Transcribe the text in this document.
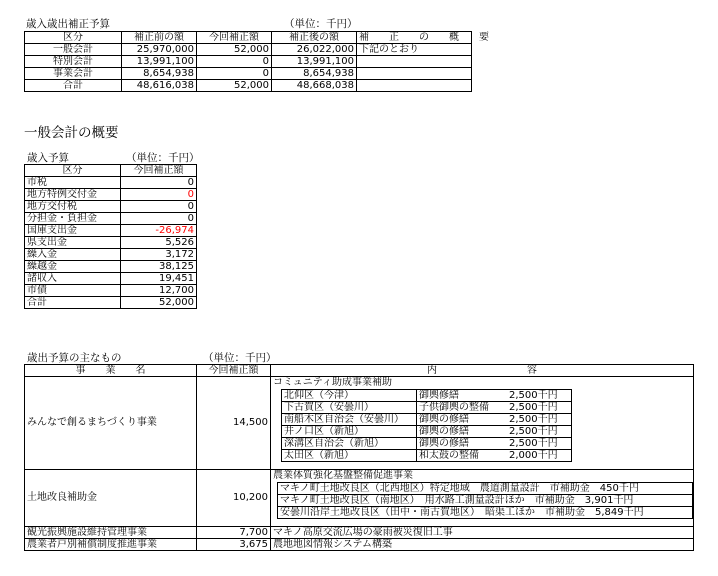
歳入歳出補正予算	（単位：千円）
区分	補正前の額	今回補正額	補正後の額	補　　正　　の　　概　　要
一般会計	25,970,000	52,000	26,022,000	下記のとおり
特別会計	13,991,100	0	13,991,100	
事業会計	8,654,938	0	8,654,938	
合計	48,616,038	52,000	48,668,038	
一般会計の概要
歳入予算	（単位：千円）
区分	今回補正額
市税	0
地方特例交付金	0
地方交付税	0
分担金・負担金	0
国庫支出金	-26,974
県支出金	5,526
繰入金	3,172
繰越金	38,125
諸収入	19,451
市債	12,700
合計	52,000
歳出予算の主なもの	（単位：千円）
事　　業　　名	今回補正額	内　　　　　　　　　容
みんなで創るまちづくり事業	14,500	
コミュニティ助成事業補助
北仰区（今津）	御輿修繕	2,500千円
下古賀区（安曇川）	子供御輿の整備 2,500千円
南船木区自治会（安曇川）	御輿の修繕	2,500千円
井ノ口区（新旭）	御輿の修繕	2,500千円
深溝区自治会（新旭）	御輿の修繕	2,500千円
太田区（新旭）	和太鼓の整備	2,000千円

土地改良補助金	10,200	
農業体質強化基盤整備促進事業
マキノ町土地改良区（北西地区）特定地域　農道測量設計　市補助金　450千円
マキノ町土地改良区（南地区）　用水路工測量設計ほか　市補助金　3,901千円
安曇川沿岸土地改良区（田中・南古賀地区）　暗渠工ほか　市補助金　5,849千円

観光振興施設維持管理事業	7,700	マキノ高原交流広場の豪雨被災復旧工事
農業者戸別補償制度推進事業	3,675	農地地図情報システム構築
